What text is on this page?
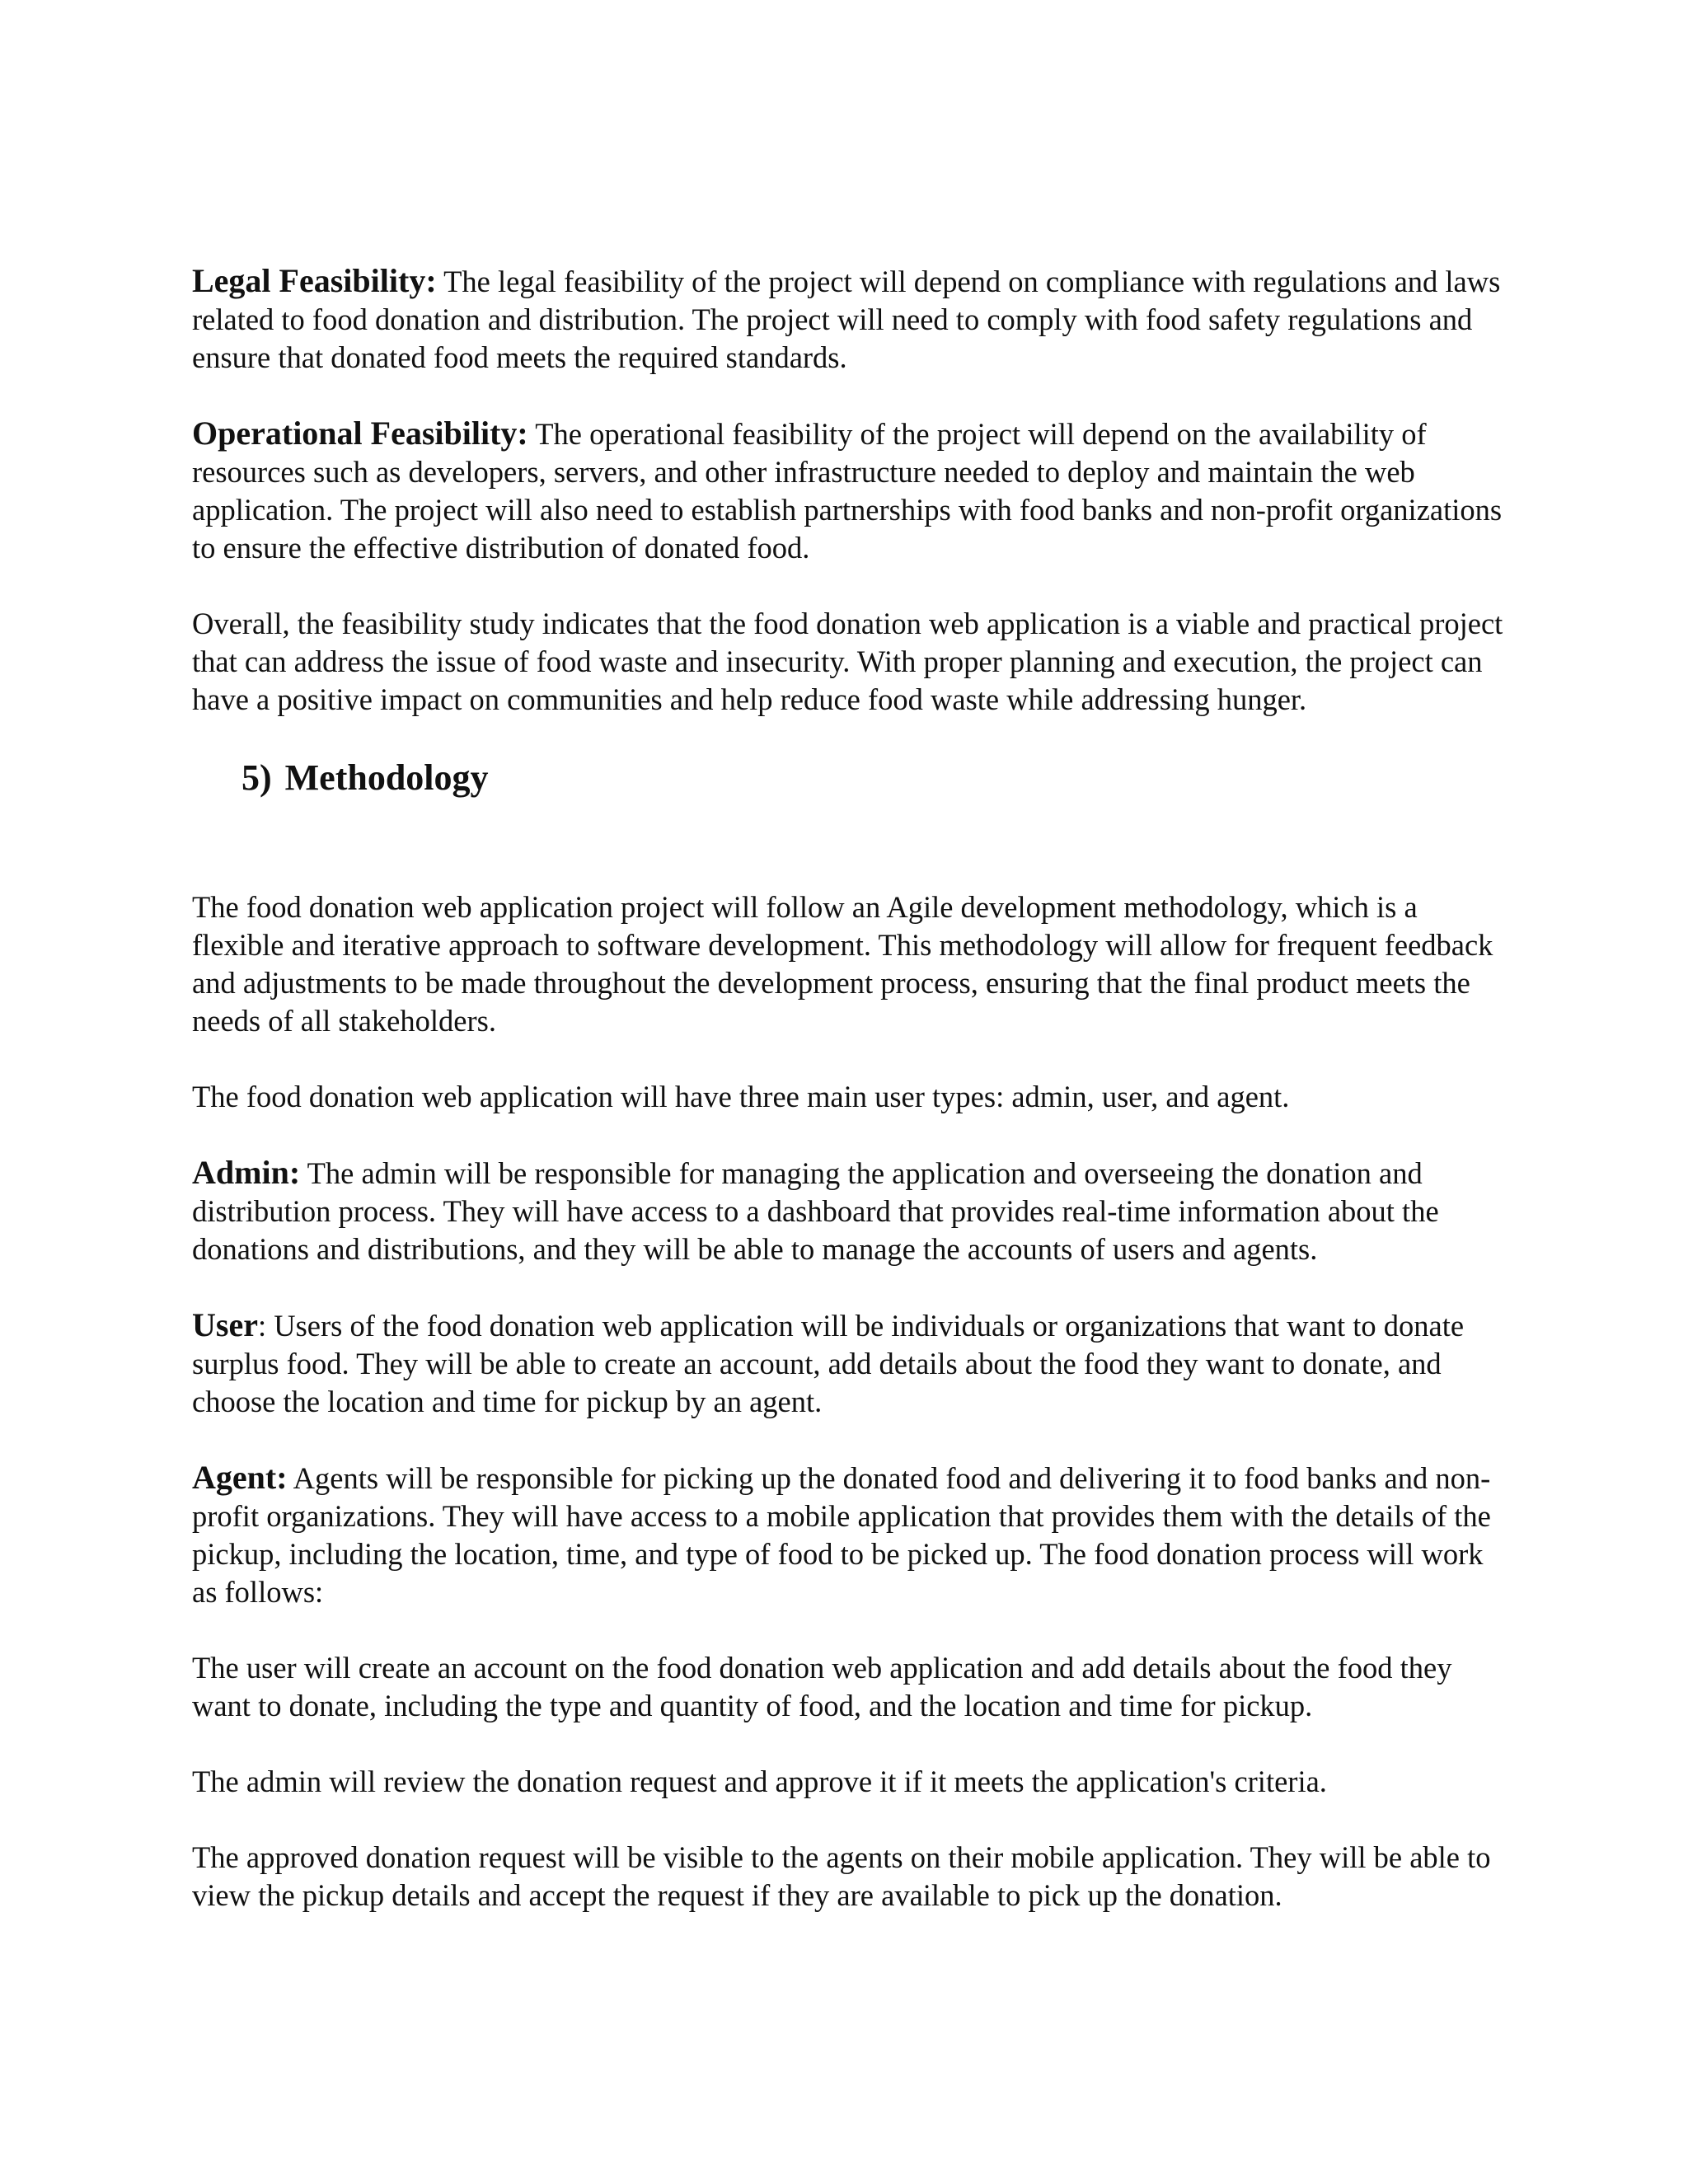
Legal Feasibility: The legal feasibility of the project will depend on compliance with regulations and laws related to food donation and distribution. The project will need to comply with food safety regulations and ensure that donated food meets the required standards.

Operational Feasibility: The operational feasibility of the project will depend on the availability of resources such as developers, servers, and other infrastructure needed to deploy and maintain the web application. The project will also need to establish partnerships with food banks and non-profit organizations to ensure the effective distribution of donated food.

Overall, the feasibility study indicates that the food donation web application is a viable and practical project that can address the issue of food waste and insecurity. With proper planning and execution, the project can have a positive impact on communities and help reduce food waste while addressing hunger.

5) Methodology

The food donation web application project will follow an Agile development methodology, which is a flexible and iterative approach to software development. This methodology will allow for frequent feedback and adjustments to be made throughout the development process, ensuring that the final product meets the needs of all stakeholders.

The food donation web application will have three main user types: admin, user, and agent.

Admin: The admin will be responsible for managing the application and overseeing the donation and distribution process. They will have access to a dashboard that provides real-time information about the donations and distributions, and they will be able to manage the accounts of users and agents.

User: Users of the food donation web application will be individuals or organizations that want to donate surplus food. They will be able to create an account, add details about the food they want to donate, and choose the location and time for pickup by an agent.

Agent: Agents will be responsible for picking up the donated food and delivering it to food banks and non-profit organizations. They will have access to a mobile application that provides them with the details of the pickup, including the location, time, and type of food to be picked up. The food donation process will work as follows:

The user will create an account on the food donation web application and add details about the food they want to donate, including the type and quantity of food, and the location and time for pickup.

The admin will review the donation request and approve it if it meets the application's criteria.

The approved donation request will be visible to the agents on their mobile application. They will be able to view the pickup details and accept the request if they are available to pick up the donation.
